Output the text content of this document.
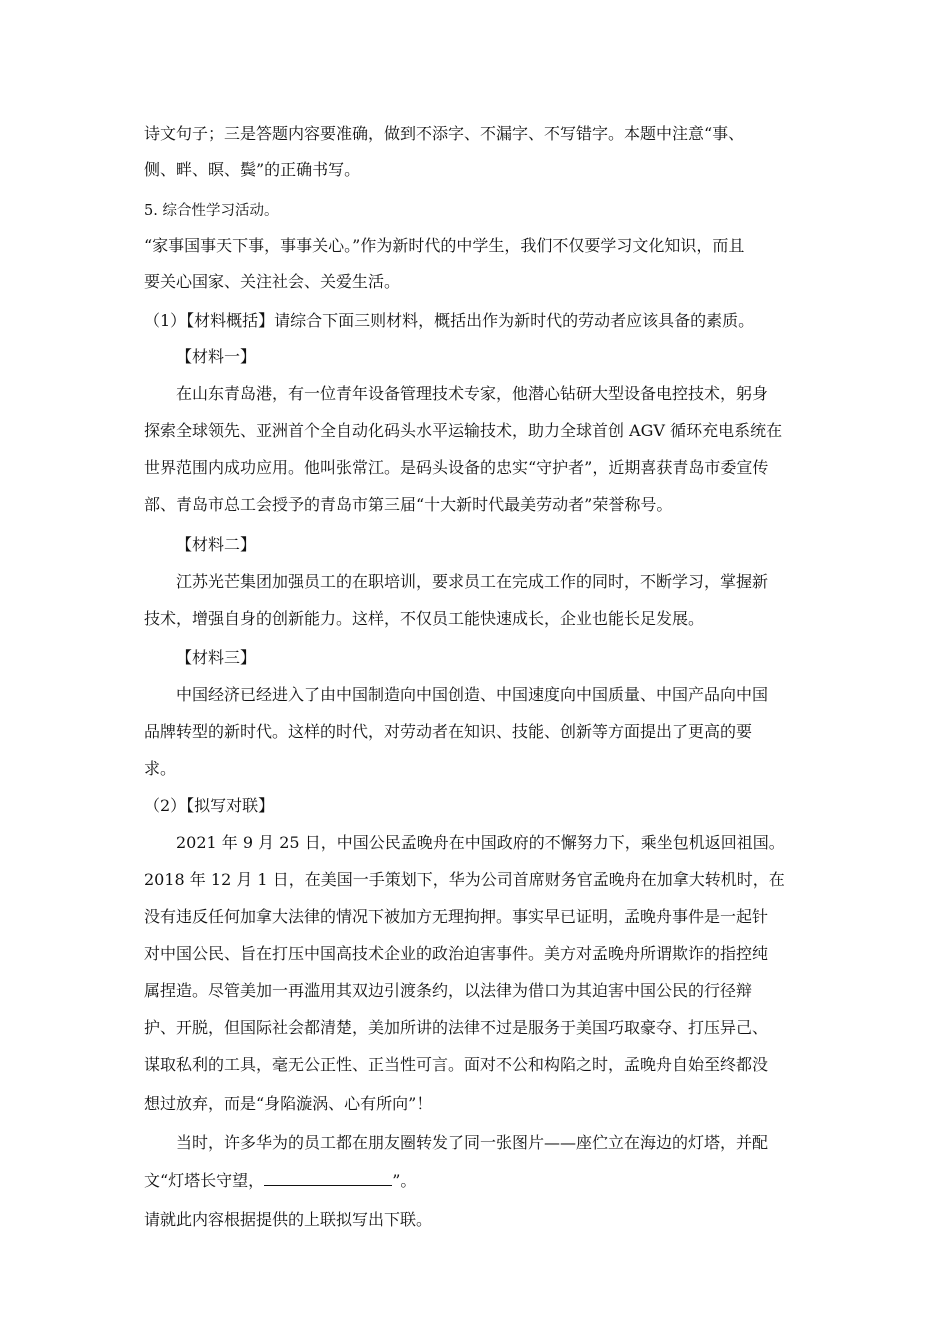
诗文句子；三是答题内容要准确，做到不添字、不漏字、不写错字。本题中注意“事、
侧、畔、暝、鬓”的正确书写。
5. 综合性学习活动。
“家事国事天下事，事事关心。”作为新时代的中学生，我们不仅要学习文化知识，而且
要关心国家、关注社会、关爱生活。
（1）【材料概括】请综合下面三则材料，概括出作为新时代的劳动者应该具备的素质。
【材料一】
在山东青岛港，有一位青年设备管理技术专家，他潜心钻研大型设备电控技术，躬身
探索全球领先、亚洲首个全自动化码头水平运输技术，助力全球首创 AGV 循环充电系统在
世界范围内成功应用。他叫张常江。是码头设备的忠实“守护者”，近期喜获青岛市委宣传
部、青岛市总工会授予的青岛市第三届“十大新时代最美劳动者”荣誉称号。
【材料二】
江苏光芒集团加强员工的在职培训，要求员工在完成工作的同时，不断学习，掌握新
技术，增强自身的创新能力。这样，不仅员工能快速成长，企业也能长足发展。
【材料三】
中国经济已经进入了由中国制造向中国创造、中国速度向中国质量、中国产品向中国
品牌转型的新时代。这样的时代，对劳动者在知识、技能、创新等方面提出了更高的要
求。
（2）【拟写对联】
2021 年 9 月 25 日，中国公民孟晚舟在中国政府的不懈努力下，乘坐包机返回祖国。
2018 年 12 月 1 日，在美国一手策划下，华为公司首席财务官孟晚舟在加拿大转机时，在
没有违反任何加拿大法律的情况下被加方无理拘押。事实早已证明，孟晚舟事件是一起针
对中国公民、旨在打压中国高技术企业的政治迫害事件。美方对孟晚舟所谓欺诈的指控纯
属捏造。尽管美加一再滥用其双边引渡条约，以法律为借口为其迫害中国公民的行径辩
护、开脱，但国际社会都清楚，美加所讲的法律不过是服务于美国巧取豪夺、打压异己、
谋取私利的工具，毫无公正性、正当性可言。面对不公和构陷之时，孟晚舟自始至终都没
想过放弃，而是“身陷漩涡、心有所向”！
当时，许多华为的员工都在朋友圈转发了同一张图片——座伫立在海边的灯塔，并配
文“灯塔长守望，	”。
请就此内容根据提供的上联拟写出下联。
